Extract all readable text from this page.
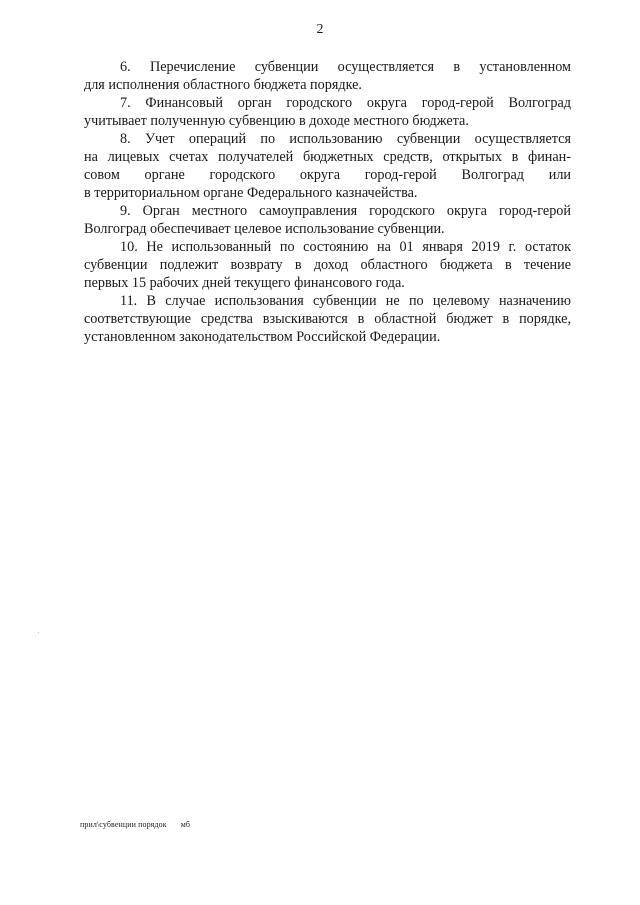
2
6. Перечисление субвенции осуществляется в установленном
для исполнения областного бюджета порядке.
7. Финансовый орган городского округа город-герой Волгоград
учитывает полученную субвенцию в доходе местного бюджета.
8. Учет операций по использованию субвенции осуществляется
на лицевых счетах получателей бюджетных средств, открытых в финан-
совом органе городского округа город-герой Волгоград или
в территориальном органе Федерального казначейства.
9. Орган местного самоуправления городского округа город-герой
Волгоград обеспечивает целевое использование субвенции.
10. Не использованный по состоянию на 01 января 2019 г. остаток
субвенции подлежит возврату в доход областного бюджета в течение
первых 15 рабочих дней текущего финансового года.
11. В случае использования субвенции не по целевому назначению
соответствующие средства взыскиваются в областной бюджет в порядке,
установленном законодательством Российской Федерации.
прил\субвенции порядок мб
